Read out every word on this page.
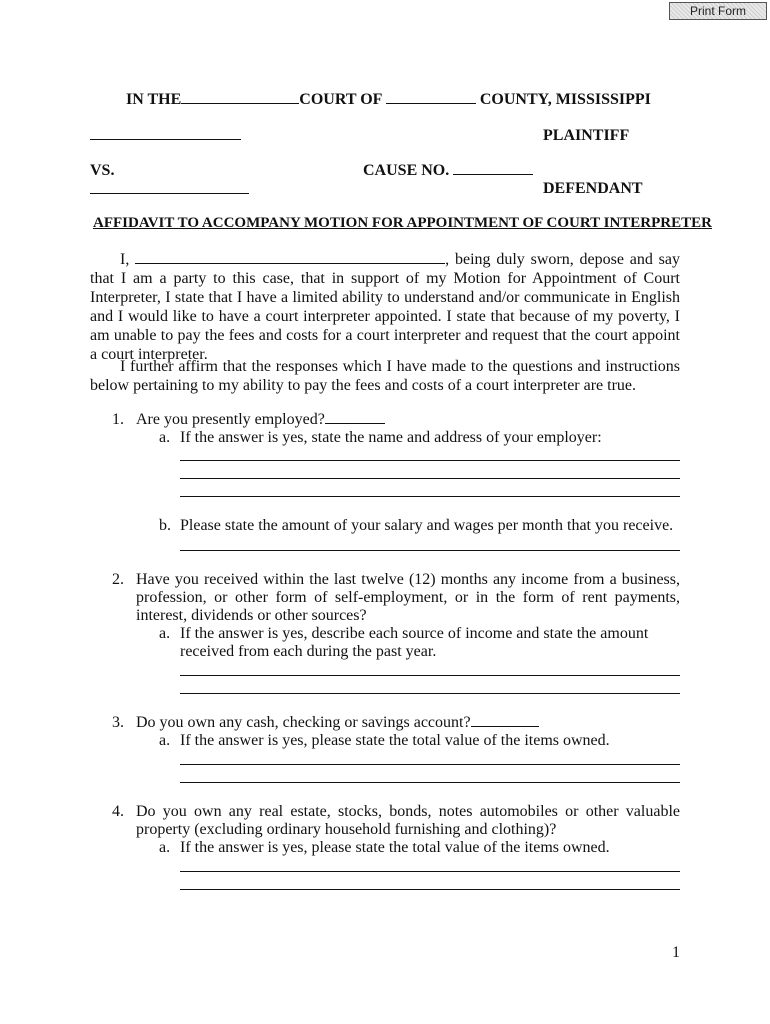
Print Form
IN THE	COURT OF	COUNTY, MISSISSIPPI
PLAINTIFF
VS.	CAUSE NO.
DEFENDANT
AFFIDAVIT TO ACCOMPANY MOTION FOR APPOINTMENT OF COURT INTERPRETER
I,	, being duly sworn, depose and say that I am a party to this case, that in support of my Motion for Appointment of Court Interpreter, I state that I have a limited ability to understand and/or communicate in English and I would like to have a court interpreter appointed. I state that because of my poverty, I am unable to pay the fees and costs for a court interpreter and request that the court appoint a court interpreter.
I further affirm that the responses which I have made to the questions and instructions below pertaining to my ability to pay the fees and costs of a court interpreter are true.
1. Are you presently employed?
a. If the answer is yes, state the name and address of your employer:
b. Please state the amount of your salary and wages per month that you receive.
2. Have you received within the last twelve (12) months any income from a business, profession, or other form of self-employment, or in the form of rent payments, interest, dividends or other sources?
a. If the answer is yes, describe each source of income and state the amount received from each during the past year.
3. Do you own any cash, checking or savings account?
a. If the answer is yes, please state the total value of the items owned.
4. Do you own any real estate, stocks, bonds, notes automobiles or other valuable property (excluding ordinary household furnishing and clothing)?
a. If the answer is yes, please state the total value of the items owned.
1
